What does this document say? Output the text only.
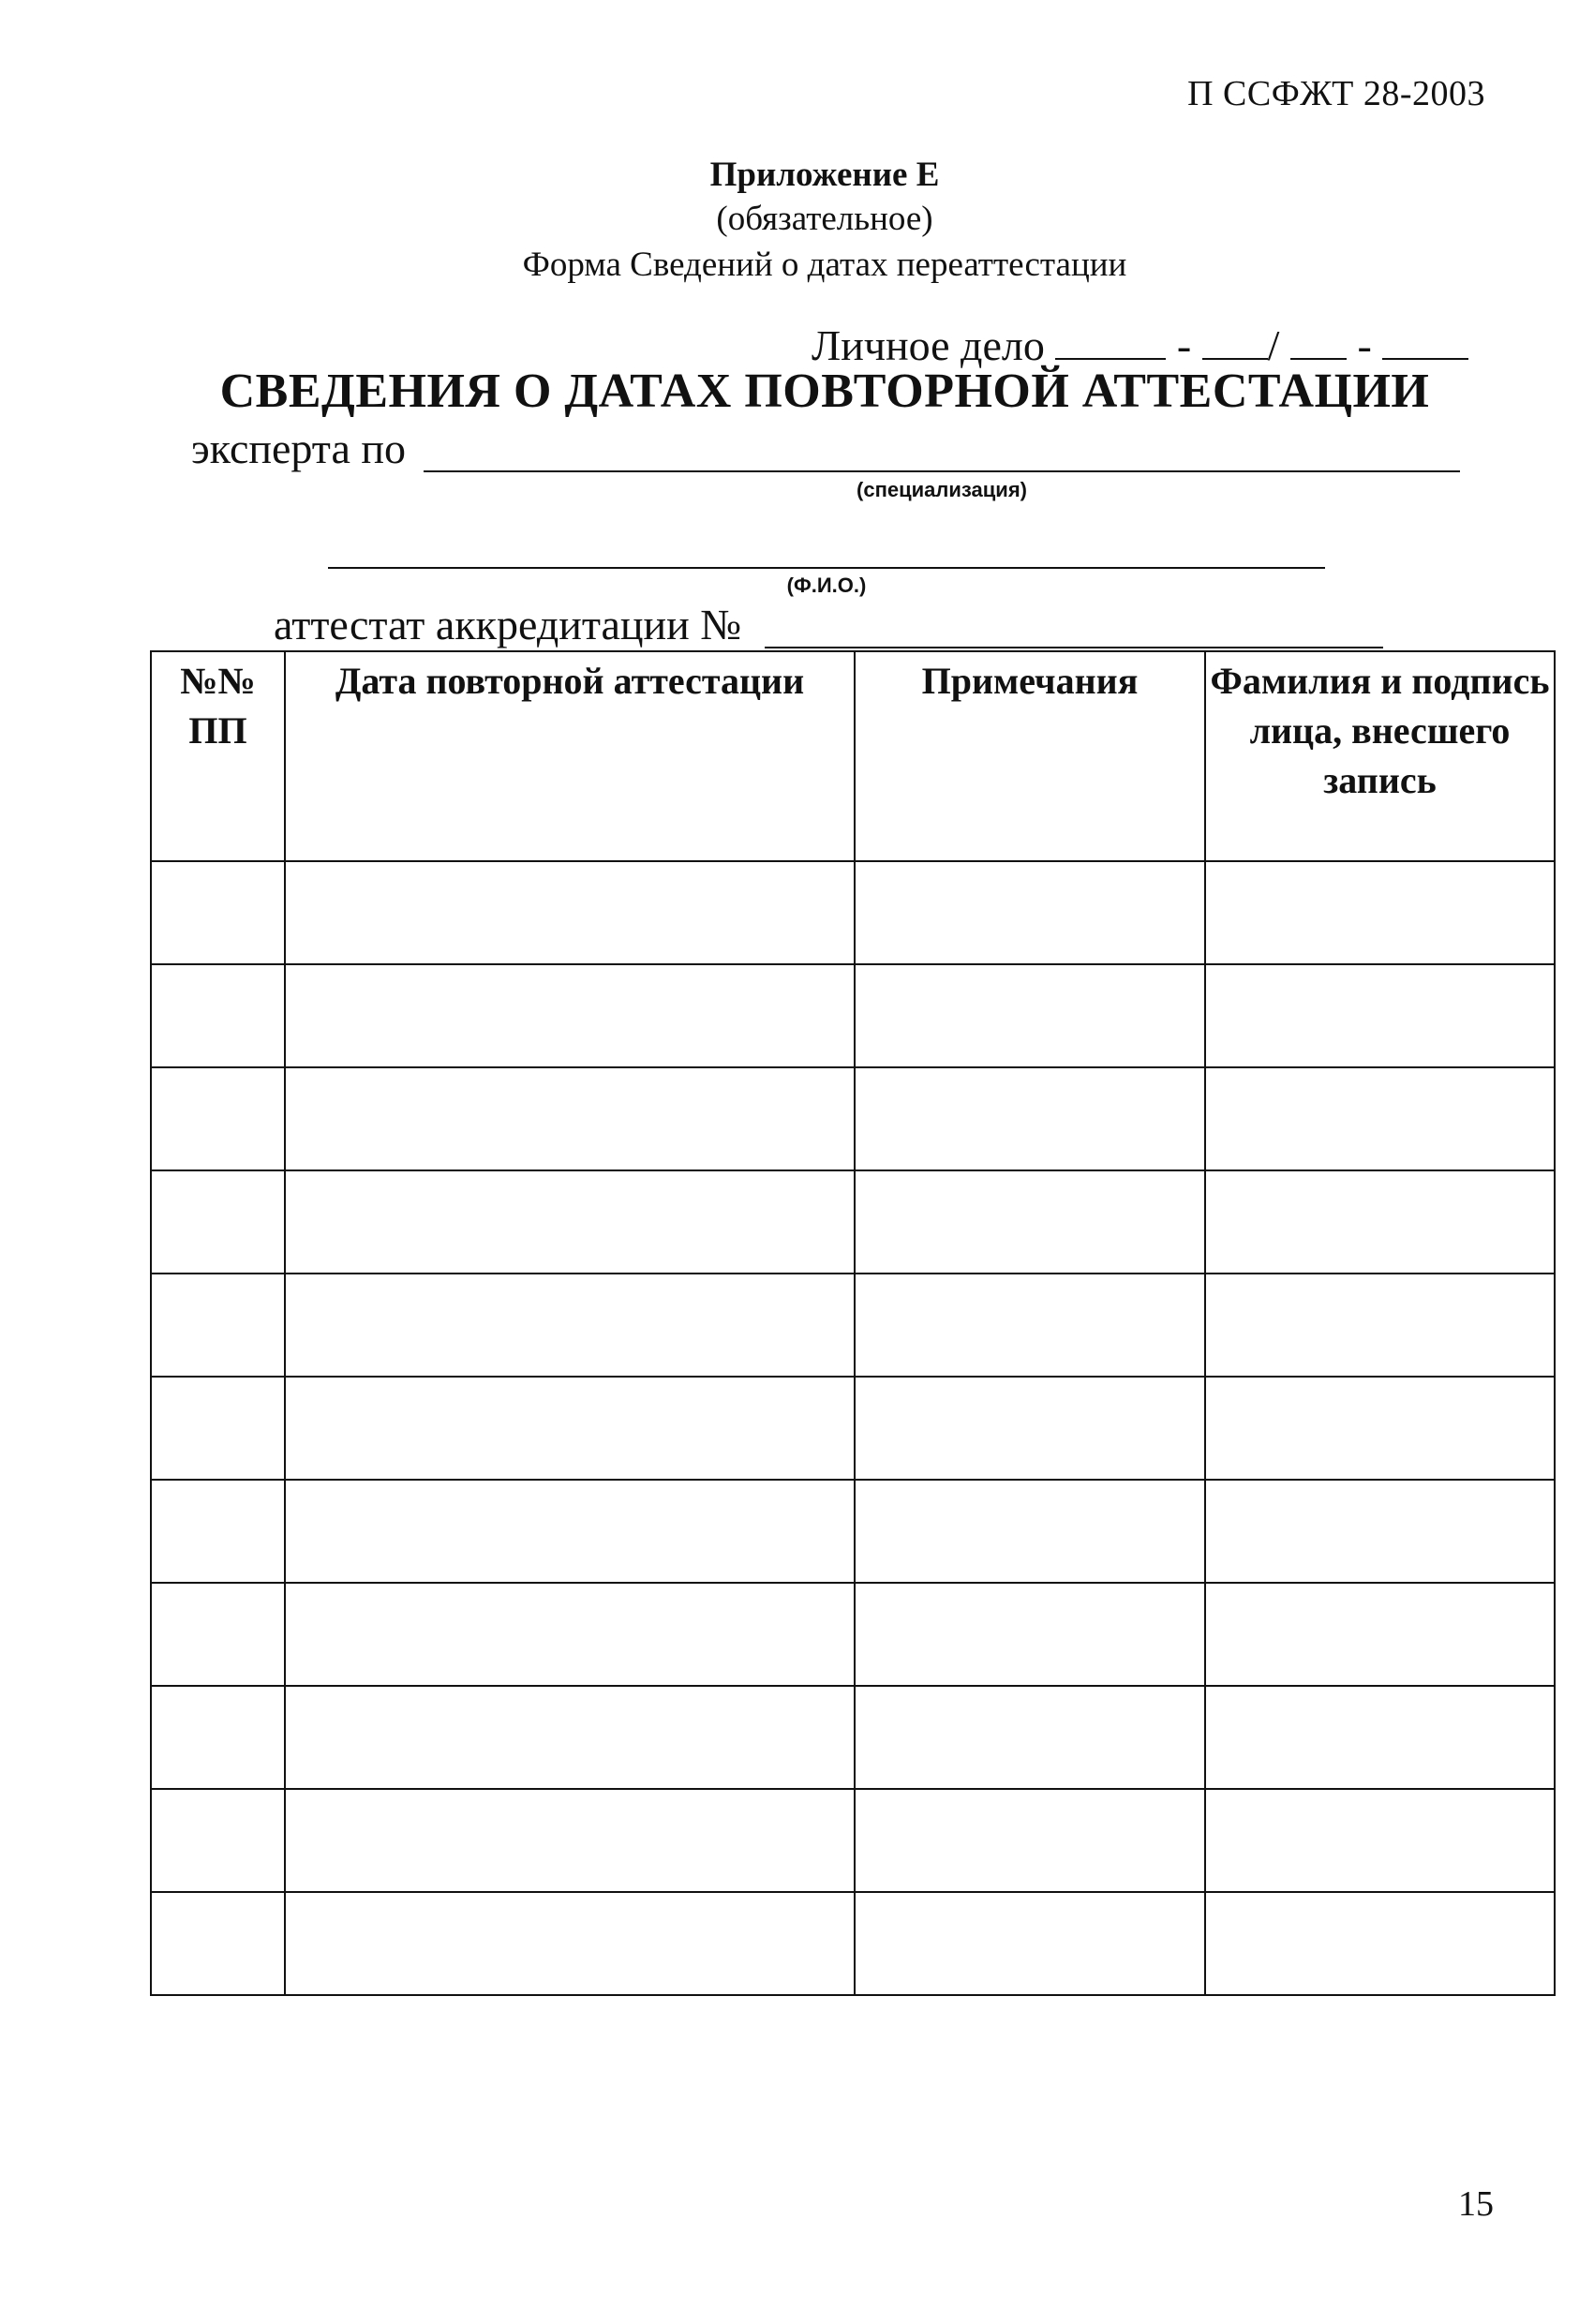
П ССФЖТ 28-2003
Приложение Е
(обязательное)
Форма Сведений о датах переаттестации
Личное дело	- / -
СВЕДЕНИЯ О ДАТАХ ПОВТОРНОЙ АТТЕСТАЦИИ
эксперта по
(специализация)
(Ф.И.О.)
аттестат аккредитации №
№№ ПП	Дата повторной аттестации	Примечания	Фамилия и подпись лица, внесшего запись

15
